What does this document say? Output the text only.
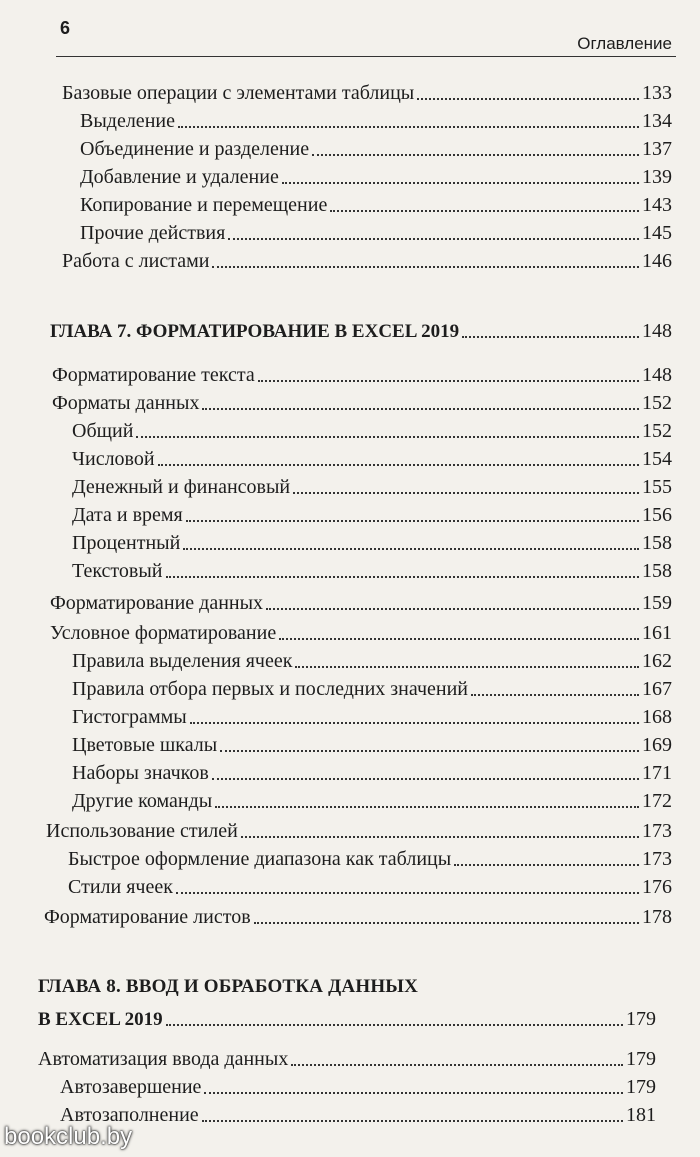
6
Оглавление
Базовые операции с элементами таблицы	133
Выделение	134
Объединение и разделение	137
Добавление и удаление	139
Копирование и перемещение	143
Прочие действия	145
Работа с листами	146
ГЛАВА 7. ФОРМАТИРОВАНИЕ В EXCEL 2019	148
Форматирование текста	148
Форматы данных	152
Общий	152
Числовой	154
Денежный и финансовый	155
Дата и время	156
Процентный	158
Текстовый	158
Форматирование данных	159
Условное форматирование	161
Правила выделения ячеек	162
Правила отбора первых и последних значений	167
Гистограммы	168
Цветовые шкалы	169
Наборы значков	171
Другие команды	172
Использование стилей	173
Быстрое оформление диапазона как таблицы	173
Стили ячеек	176
Форматирование листов	178
ГЛАВА 8. ВВОД И ОБРАБОТКА ДАННЫХ
В EXCEL 2019	179
Автоматизация ввода данных	179
Автозавершение	179
Автозаполнение	181
bookclub.by
